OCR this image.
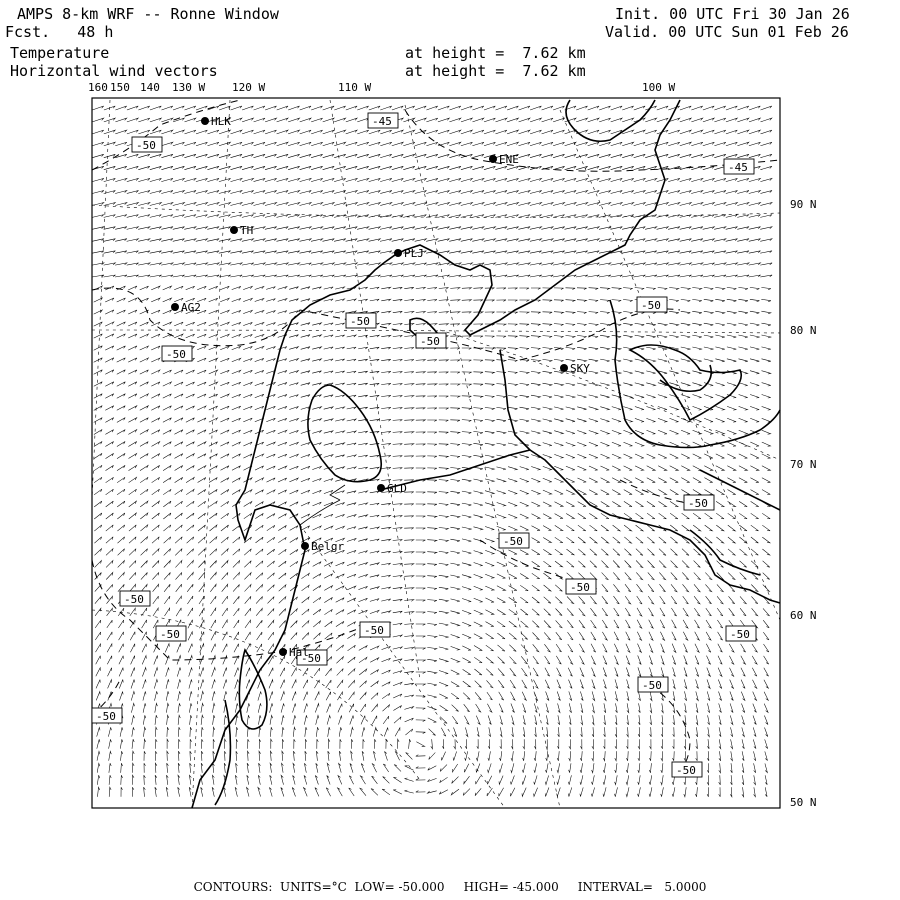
AMPS 8-km WRF -- Ronne Window
Fcst.   48 h
Init. 00 UTC Fri 30 Jan 26
Valid. 00 UTC Sun 01 Feb 26
Temperature
Horizontal wind vectors
at height =  7.62 km
at height =  7.62 km
160 150 140 130 W 120 W	110 W	100 W
90 N
80 N
70 N
60 N
50 N
-50
-45
-45
-50
-50
-50
-50
-50
-50
-50
-50
-50	-50
-50
-50
-50
-50
-50
HLK
ENE
TH
PLJ
AG2
SKY
GLD
Belgr
Hal
CONTOURS:  UNITS=°C  LOW= -50.000     HIGH= -45.000     INTERVAL=   5.0000
